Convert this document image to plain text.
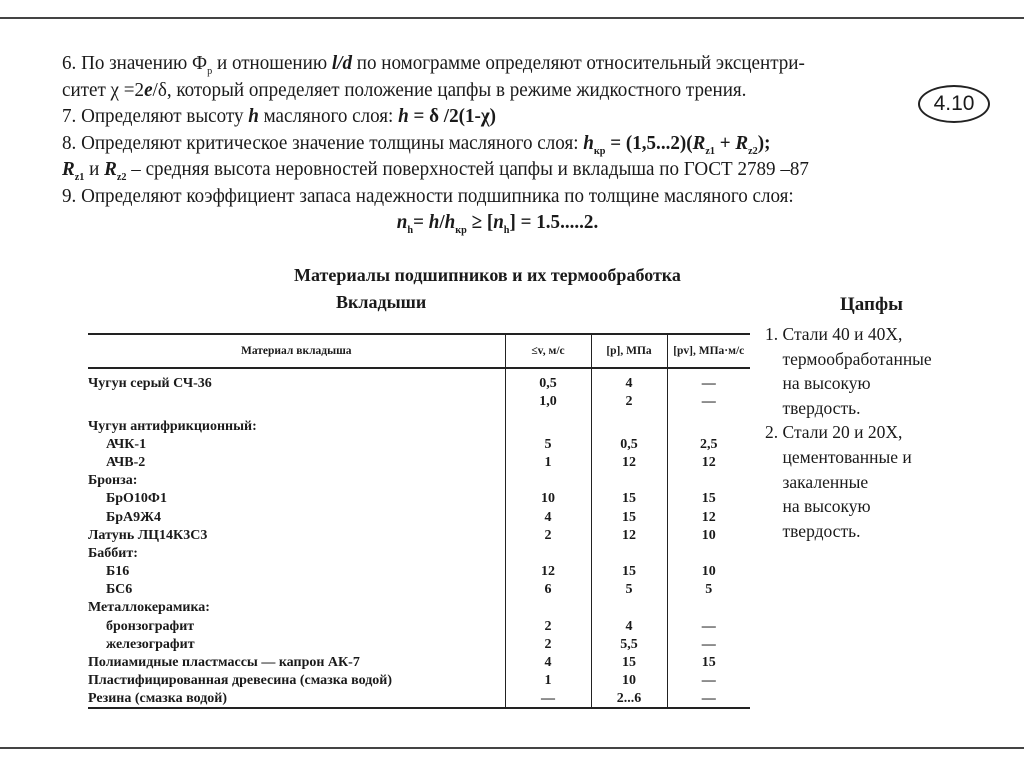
6. По значению $Ф_р$ и отношению l/d по номограмме определяют относительный эксцентри-
ситет χ =2e/δ, который определяет положение цапфы в режиме жидкостного трения.
7. Определяют высоту h масляного слоя: h = δ /2(1-χ)
8. Определяют критическое значение толщины масляного слоя: $h_{кр} = (1,5...2)(R_{z1} + R_{z2})$;
$R_{z1}$ и $R_{z2}$ – средняя высота неровностей поверхностей цапфы и вкладыша по ГОСТ 2789 –87
9. Определяют коэффициент запаса надежности подшипника по толщине масляного слоя:
$n_h= h/h_{кр} \ge [n_h] = 1.5.....2$.
4.10
Материалы подшипников и их термообработка
Вкладыши	Цапфы
Материал вкладыша	≤v, м/с	[p], МПа	[pv], МПа·м/с
Чугун серый СЧ-36	0,5	4	—
	1,0	2	—
Чугун антифрикционный:			
АЧК-1	5	0,5	2,5
АЧВ-2	1	12	12
Бронза:			
БрО10Ф1	10	15	15
БрА9Ж4	4	15	12
Латунь ЛЦ14К3С3	2	12	10
Баббит:			
Б16	12	15	10
БС6	6	5	5
Металлокерамика:			
бронзографит	2	4	—
железографит	2	5,5	—
Полиамидные пластмассы — капрон АК-7	4	15	15
Пластифицированная древесина (смазка водой)	1	10	—
Резина (смазка водой)	—	2...6	—
1. Стали 40 и 40Х,
термообработанные
на высокую
твердость.
2. Стали 20 и 20Х,
цементованные и
закаленные
на высокую
твердость.
